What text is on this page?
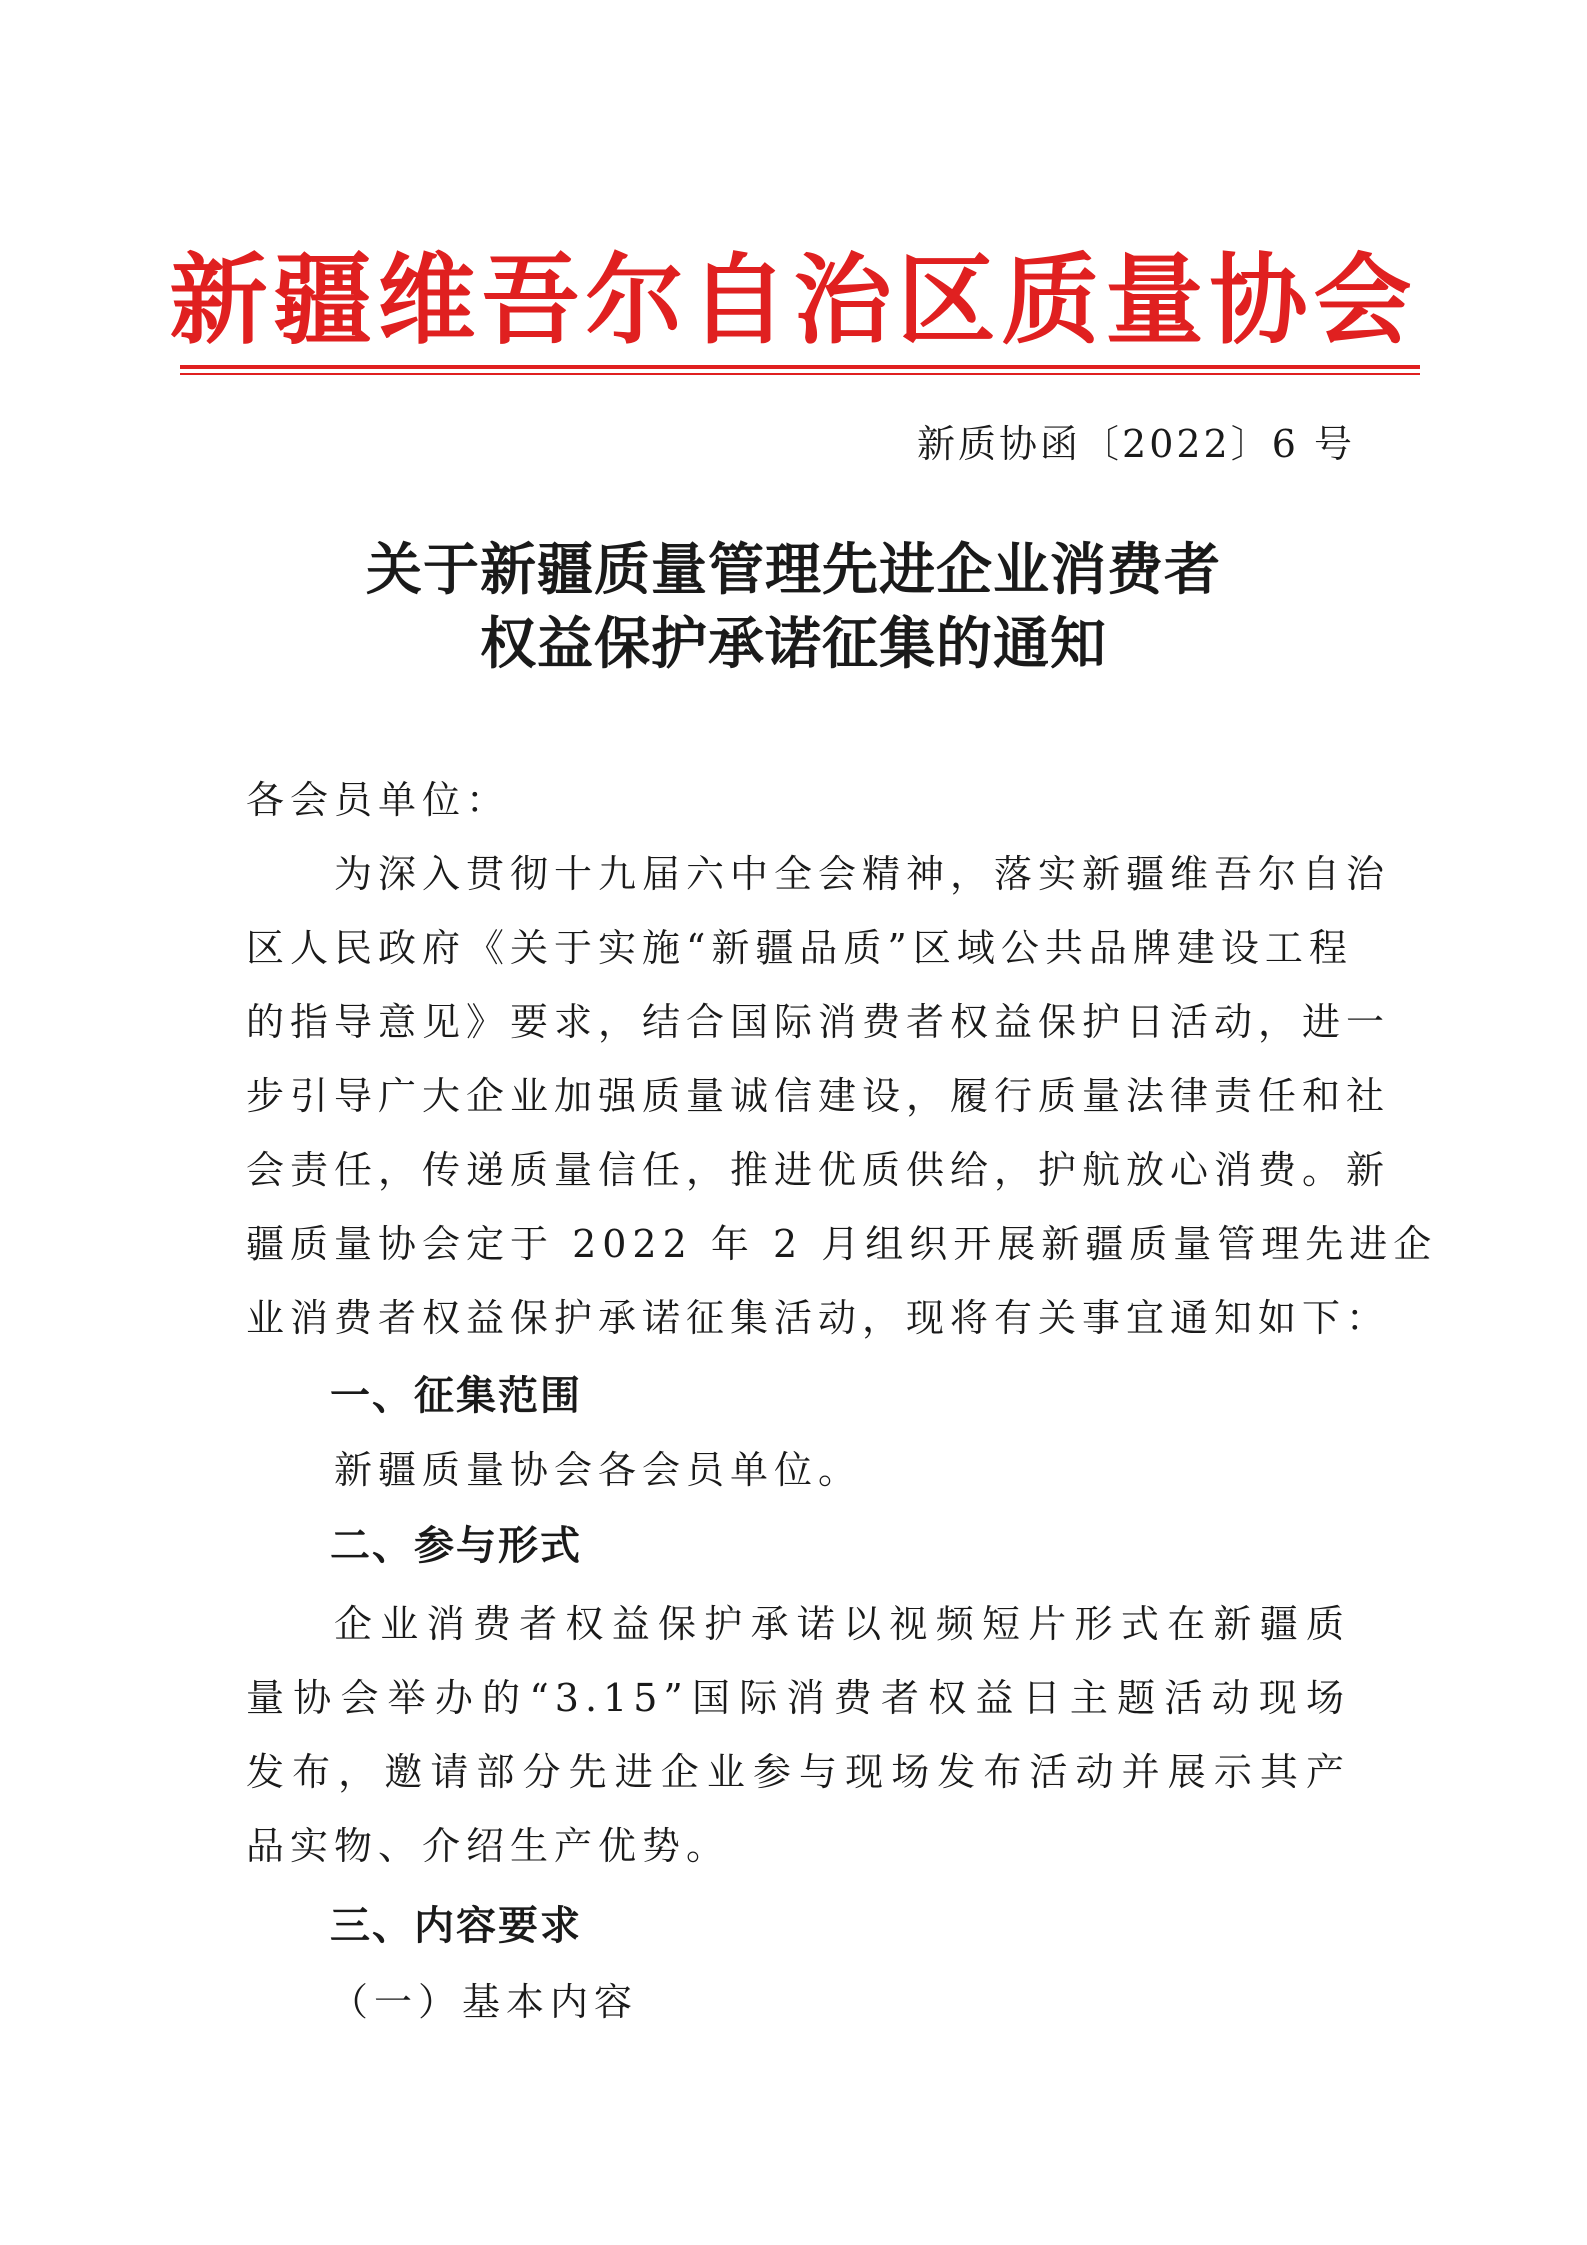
新疆维吾尔自治区质量协会
新质协函〔2022〕6 号
关于新疆质量管理先进企业消费者
权益保护承诺征集的通知
各会员单位：
为深入贯彻十九届六中全会精神，落实新疆维吾尔自治
区人民政府《关于实施“新疆品质”区域公共品牌建设工程
的指导意见》要求，结合国际消费者权益保护日活动，进一
步引导广大企业加强质量诚信建设，履行质量法律责任和社
会责任，传递质量信任，推进优质供给，护航放心消费。新
疆质量协会定于 2022 年 2 月组织开展新疆质量管理先进企
业消费者权益保护承诺征集活动，现将有关事宜通知如下：
一、征集范围
新疆质量协会各会员单位。
二、参与形式
企业消费者权益保护承诺以视频短片形式在新疆质
量协会举办的“3.15”国际消费者权益日主题活动现场
发布，邀请部分先进企业参与现场发布活动并展示其产
品实物、介绍生产优势。
三、内容要求
（一）基本内容
